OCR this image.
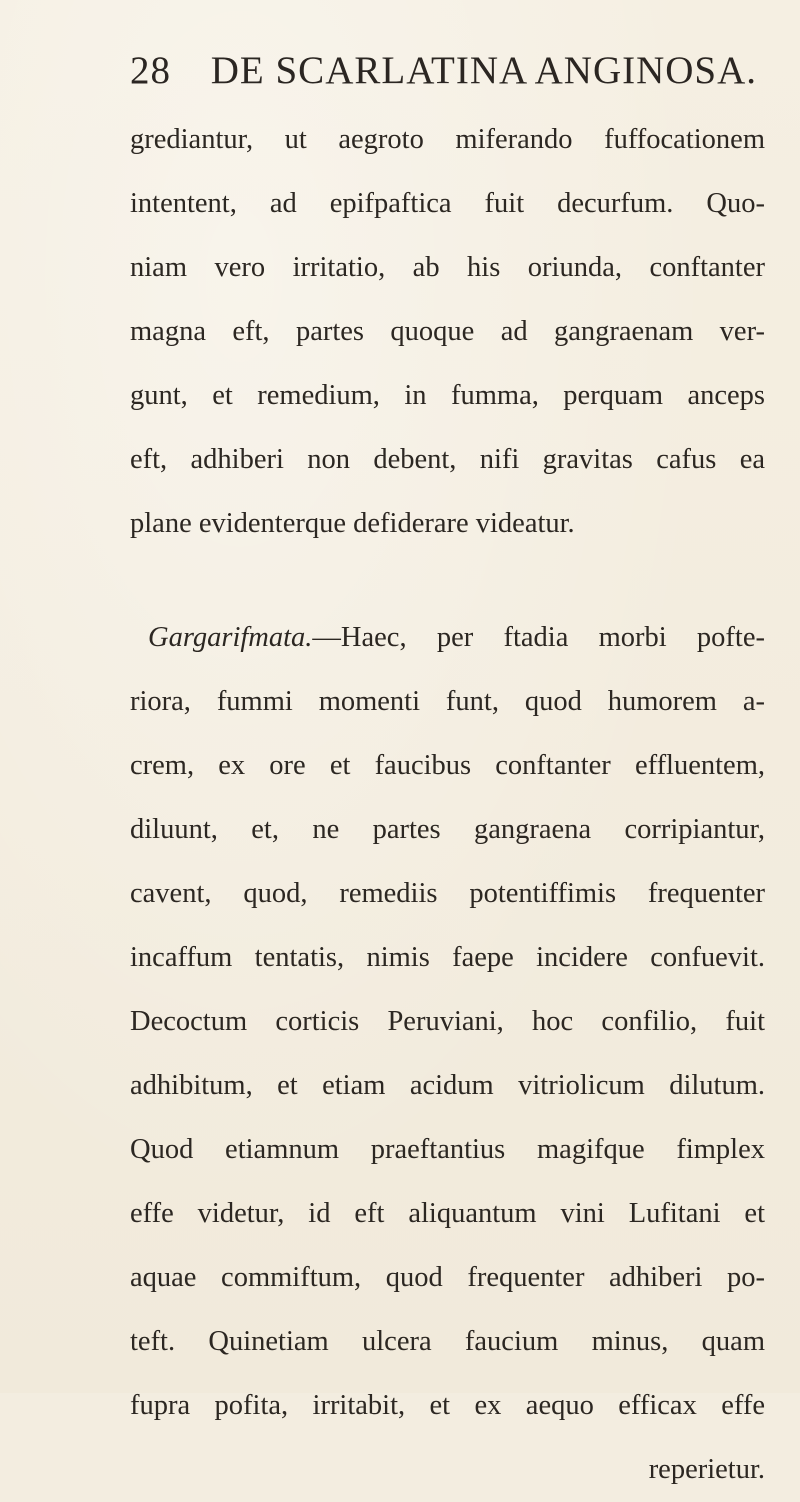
28 DE SCARLATINA ANGINOSA.
grediantur, ut aegroto miferando fuffocationem
intentent, ad epifpaftica fuit decurfum. Quo-
niam vero irritatio, ab his oriunda, conftanter
magna eft, partes quoque ad gangraenam ver-
gunt, et remedium, in fumma, perquam anceps
eft, adhiberi non debent, nifi gravitas cafus ea
plane evidenterque defiderare videatur.
Gargarifmata.—Haec, per ftadia morbi pofte-
riora, fummi momenti funt, quod humorem a-
crem, ex ore et faucibus conftanter effluentem,
diluunt, et, ne partes gangraena corripiantur,
cavent, quod, remediis potentiffimis frequenter
incaffum tentatis, nimis faepe incidere confuevit.
Decoctum corticis Peruviani, hoc confilio, fuit
adhibitum, et etiam acidum vitriolicum dilutum.
Quod etiamnum praeftantius magifque fimplex
effe videtur, id eft aliquantum vini Lufitani et
aquae commiftum, quod frequenter adhiberi po-
teft. Quinetiam ulcera faucium minus, quam
fupra pofita, irritabit, et ex aequo efficax effe
reperietur.
